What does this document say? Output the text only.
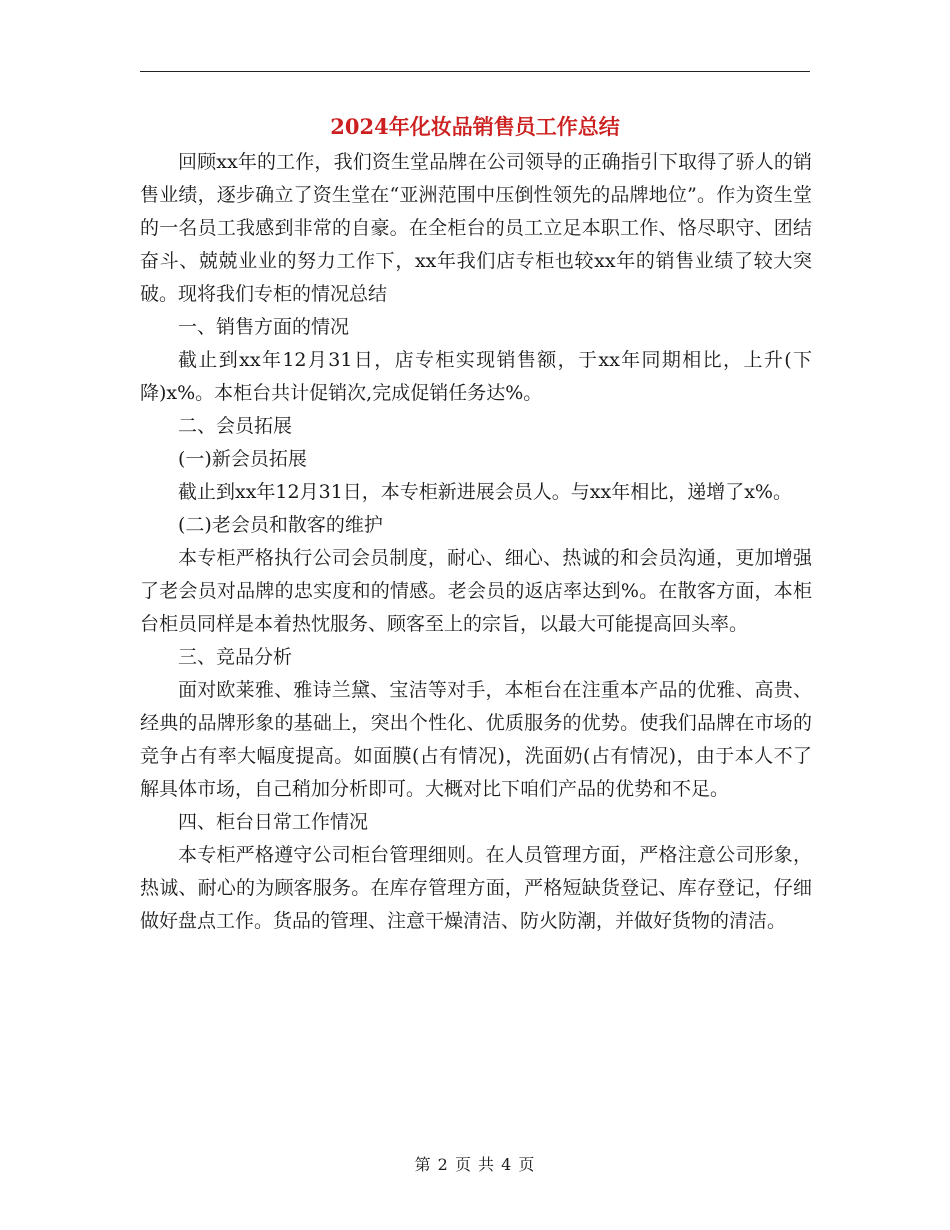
2024年化妆品销售员工作总结

回顾xx年的工作，我们资生堂品牌在公司领导的正确指引下取得了骄人的销售业绩，逐步确立了资生堂在“亚洲范围中压倒性领先的品牌地位”。作为资生堂的一名员工我感到非常的自豪。在全柜台的员工立足本职工作、恪尽职守、团结奋斗、兢兢业业的努力工作下，xx年我们店专柜也较xx年的销售业绩了较大突破。现将我们专柜的情况总结

一、销售方面的情况

截止到xx年12月31日，店专柜实现销售额，于xx年同期相比，上升(下降)x%。本柜台共计促销次,完成促销任务达%。

二、会员拓展

(一)新会员拓展

截止到xx年12月31日，本专柜新进展会员人。与xx年相比，递增了x%。

(二)老会员和散客的维护

本专柜严格执行公司会员制度，耐心、细心、热诚的和会员沟通，更加增强了老会员对品牌的忠实度和的情感。老会员的返店率达到%。在散客方面，本柜台柜员同样是本着热忱服务、顾客至上的宗旨，以最大可能提高回头率。

三、竞品分析

面对欧莱雅、雅诗兰黛、宝洁等对手，本柜台在注重本产品的优雅、高贵、经典的品牌形象的基础上，突出个性化、优质服务的优势。使我们品牌在市场的竞争占有率大幅度提高。如面膜(占有情况)，洗面奶(占有情况)，由于本人不了解具体市场，自己稍加分析即可。大概对比下咱们产品的优势和不足。

四、柜台日常工作情况

本专柜严格遵守公司柜台管理细则。在人员管理方面，严格注意公司形象，热诚、耐心的为顾客服务。在库存管理方面，严格短缺货登记、库存登记，仔细做好盘点工作。货品的管理、注意干燥清洁、防火防潮，并做好货物的清洁。

第 2 页 共 4 页
